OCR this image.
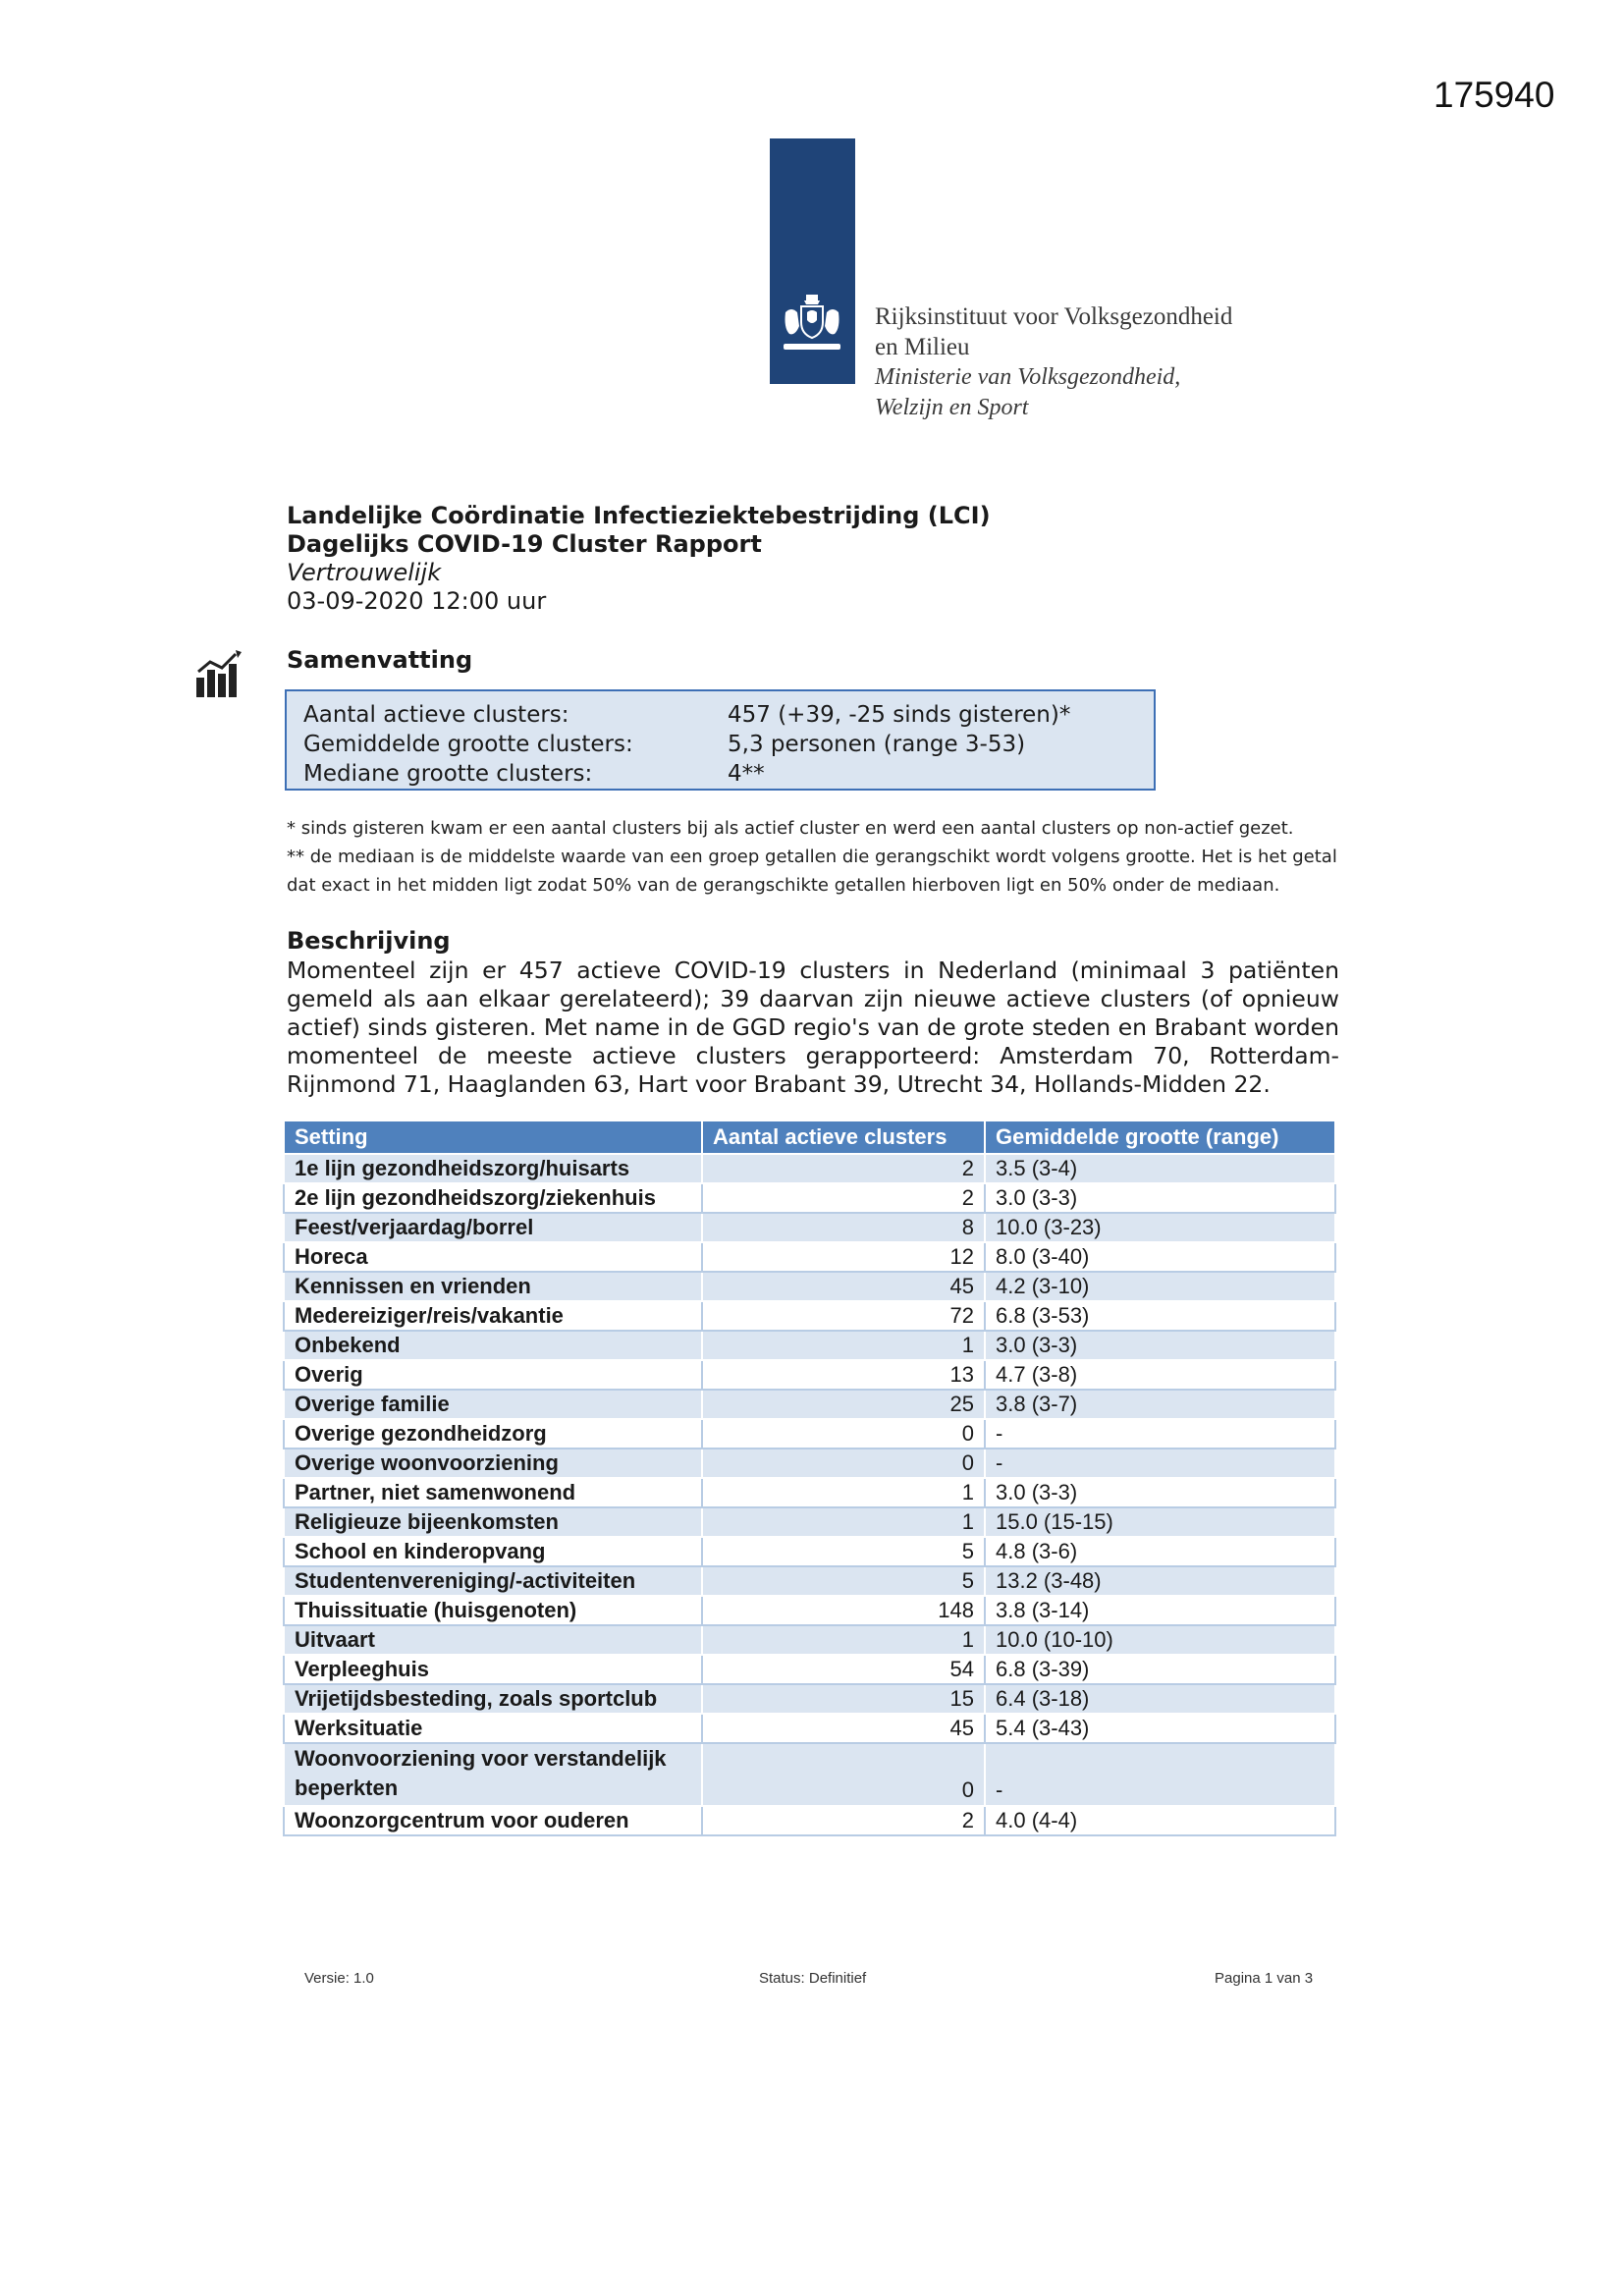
175940
Rijksinstituut voor Volksgezondheid
en Milieu
Ministerie van Volksgezondheid,
Welzijn en Sport
Landelijke Coördinatie Infectieziektebestrijding (LCI)
Dagelijks COVID-19 Cluster Rapport
Vertrouwelijk
03-09-2020 12:00 uur
Samenvatting
Aantal actieve clusters:	457 (+39, -25 sinds gisteren)*
Gemiddelde grootte clusters:	5,3 personen (range 3-53)
Mediane grootte clusters:	4**
* sinds gisteren kwam er een aantal clusters bij als actief cluster en werd een aantal clusters op non-actief gezet.
** de mediaan is de middelste waarde van een groep getallen die gerangschikt wordt volgens grootte. Het is het getal
dat exact in het midden ligt zodat 50% van de gerangschikte getallen hierboven ligt en 50% onder de mediaan.
Beschrijving
Momenteel zijn er 457 actieve COVID-19 clusters in Nederland (minimaal 3 patiënten gemeld als aan elkaar gerelateerd); 39 daarvan zijn nieuwe actieve clusters (of opnieuw actief) sinds gisteren. Met name in de GGD regio's van de grote steden en Brabant worden momenteel de meeste actieve clusters gerapporteerd: Amsterdam 70, Rotterdam-Rijnmond 71, Haaglanden 63, Hart voor Brabant 39, Utrecht 34, Hollands-Midden 22.
Setting	Aantal actieve clusters	Gemiddelde grootte (range)
1e lijn gezondheidszorg/huisarts	2	3.5 (3-4)
2e lijn gezondheidszorg/ziekenhuis	2	3.0 (3-3)
Feest/verjaardag/borrel	8	10.0 (3-23)
Horeca	12	8.0 (3-40)
Kennissen en vrienden	45	4.2 (3-10)
Medereiziger/reis/vakantie	72	6.8 (3-53)
Onbekend	1	3.0 (3-3)
Overig	13	4.7 (3-8)
Overige familie	25	3.8 (3-7)
Overige gezondheidzorg	0	-
Overige woonvoorziening	0	-
Partner, niet samenwonend	1	3.0 (3-3)
Religieuze bijeenkomsten	1	15.0 (15-15)
School en kinderopvang	5	4.8 (3-6)
Studentenvereniging/-activiteiten	5	13.2 (3-48)
Thuissituatie (huisgenoten)	148	3.8 (3-14)
Uitvaart	1	10.0 (10-10)
Verpleeghuis	54	6.8 (3-39)
Vrijetijdsbesteding, zoals sportclub	15	6.4 (3-18)
Werksituatie	45	5.4 (3-43)
Woonvoorziening voor verstandelijk beperkten	0	-
Woonzorgcentrum voor ouderen	2	4.0 (4-4)
Versie: 1.0	Status: Definitief	Pagina 1 van 3
